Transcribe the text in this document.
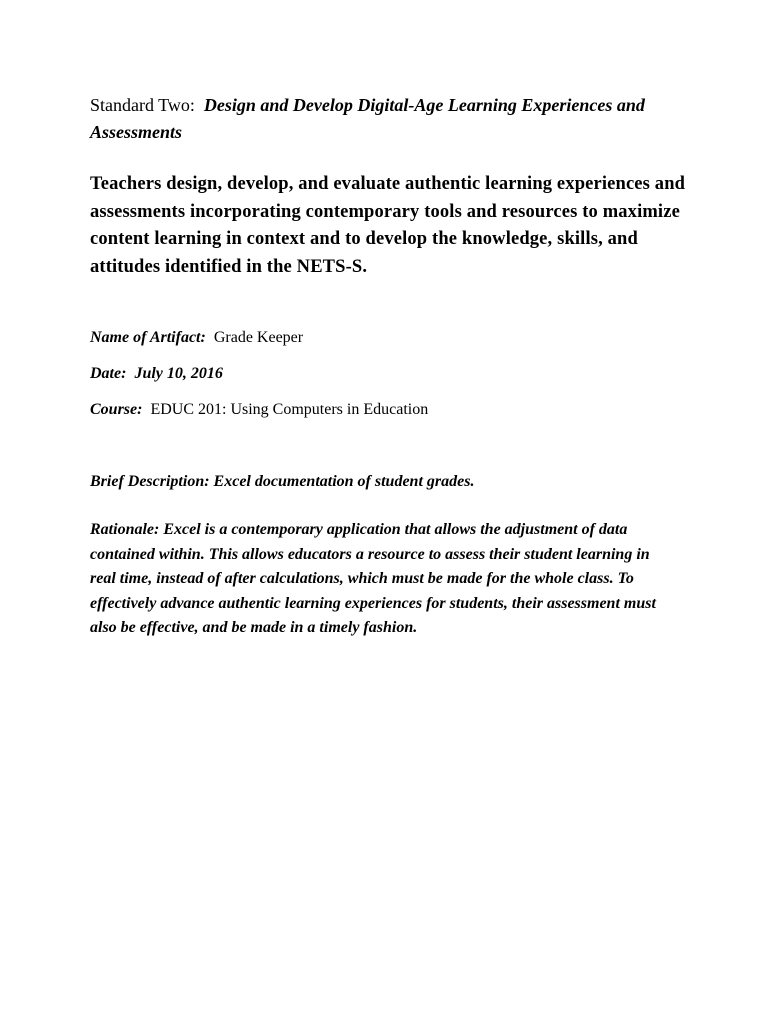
Standard Two: Design and Develop Digital-Age Learning Experiences and Assessments

Teachers design, develop, and evaluate authentic learning experiences and assessments incorporating contemporary tools and resources to maximize content learning in context and to develop the knowledge, skills, and attitudes identified in the NETS-S.

Name of Artifact: Grade Keeper

Date: July 10, 2016

Course: EDUC 201: Using Computers in Education

Brief Description: Excel documentation of student grades.
Rationale: Excel is a contemporary application that allows the adjustment of data contained within. This allows educators a resource to assess their student learning in real time, instead of after calculations, which must be made for the whole class. To effectively advance authentic learning experiences for students, their assessment must also be effective, and be made in a timely fashion.
